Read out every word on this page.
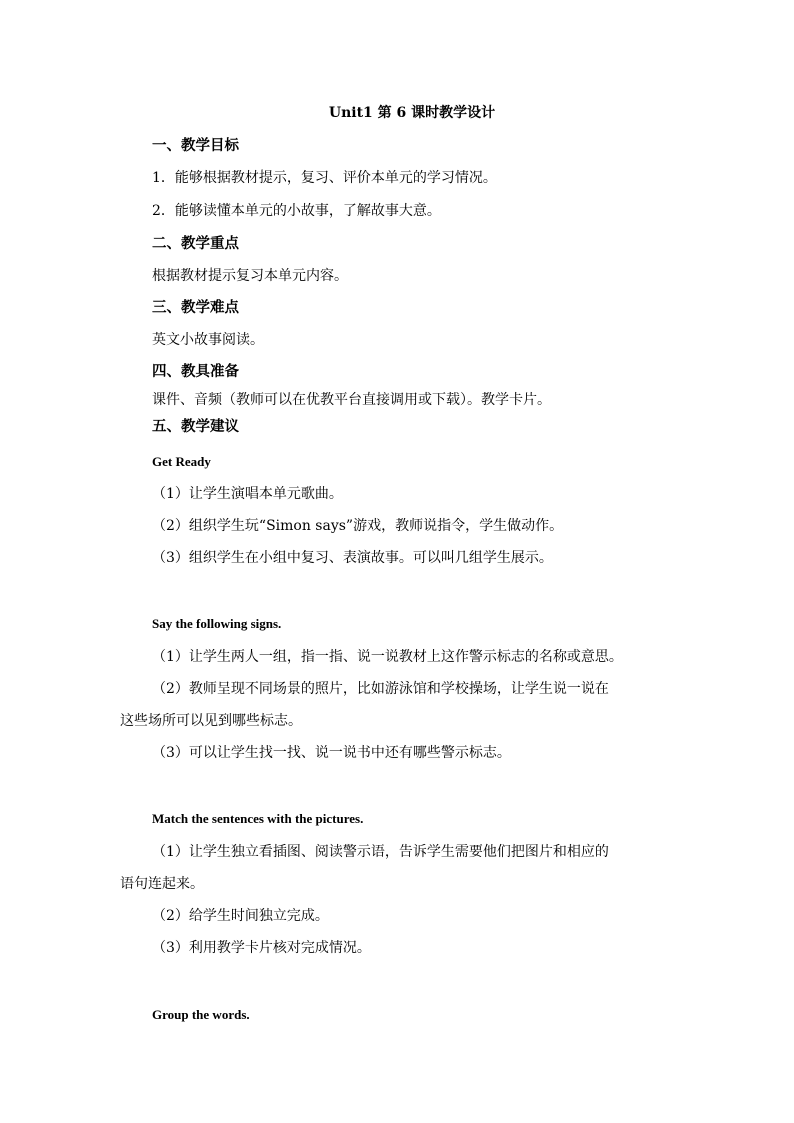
Unit1 第 6 课时教学设计
一、教学目标
1．能够根据教材提示，复习、评价本单元的学习情况。
2．能够读懂本单元的小故事，了解故事大意。
二、教学重点
根据教材提示复习本单元内容。
三、教学难点
英文小故事阅读。
四、教具准备
课件、音频（教师可以在优教平台直接调用或下载）。教学卡片。
五、教学建议
Get Ready
（1）让学生演唱本单元歌曲。
（2）组织学生玩“Simon says”游戏，教师说指令，学生做动作。
（3）组织学生在小组中复习、表演故事。可以叫几组学生展示。
Say the following signs.
（1）让学生两人一组，指一指、说一说教材上这作警示标志的名称或意思。
（2）教师呈现不同场景的照片，比如游泳馆和学校操场，让学生说一说在
这些场所可以见到哪些标志。
（3）可以让学生找一找、说一说书中还有哪些警示标志。
Match the sentences with the pictures.
（1）让学生独立看插图、阅读警示语，告诉学生需要他们把图片和相应的
语句连起来。
（2）给学生时间独立完成。
（3）利用教学卡片核对完成情况。
Group the words.
